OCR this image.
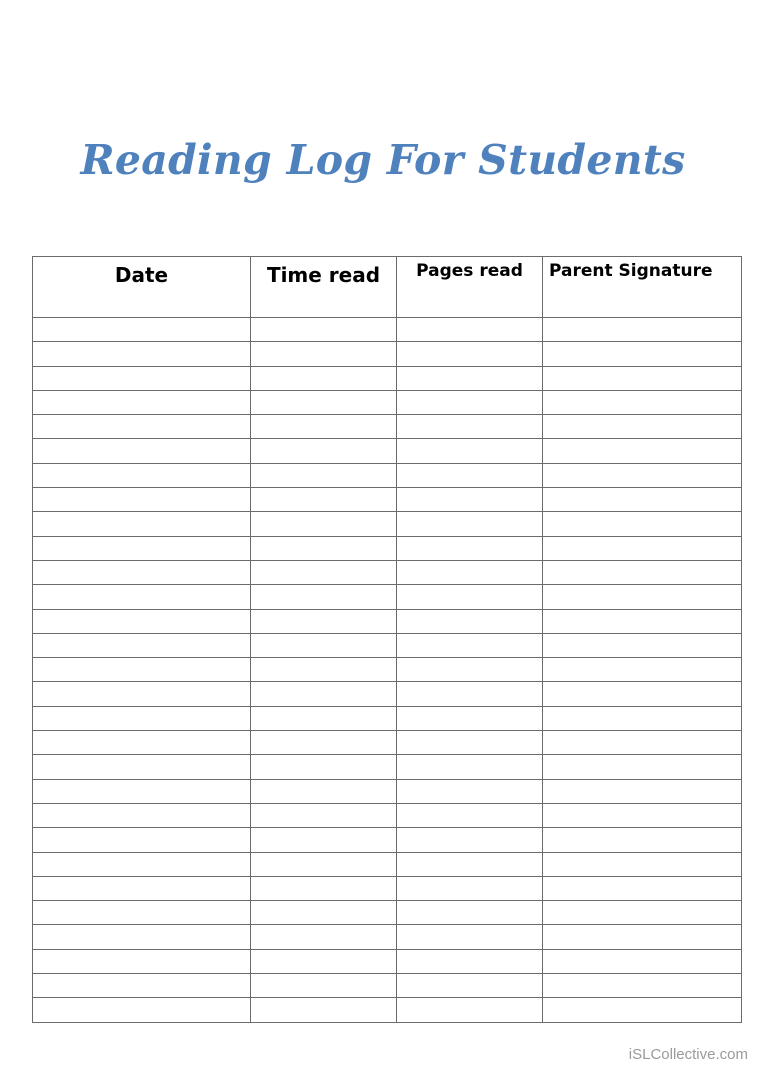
Reading Log For Students
Date	Time read	Pages read	Parent Signature

iSLCollective.com
